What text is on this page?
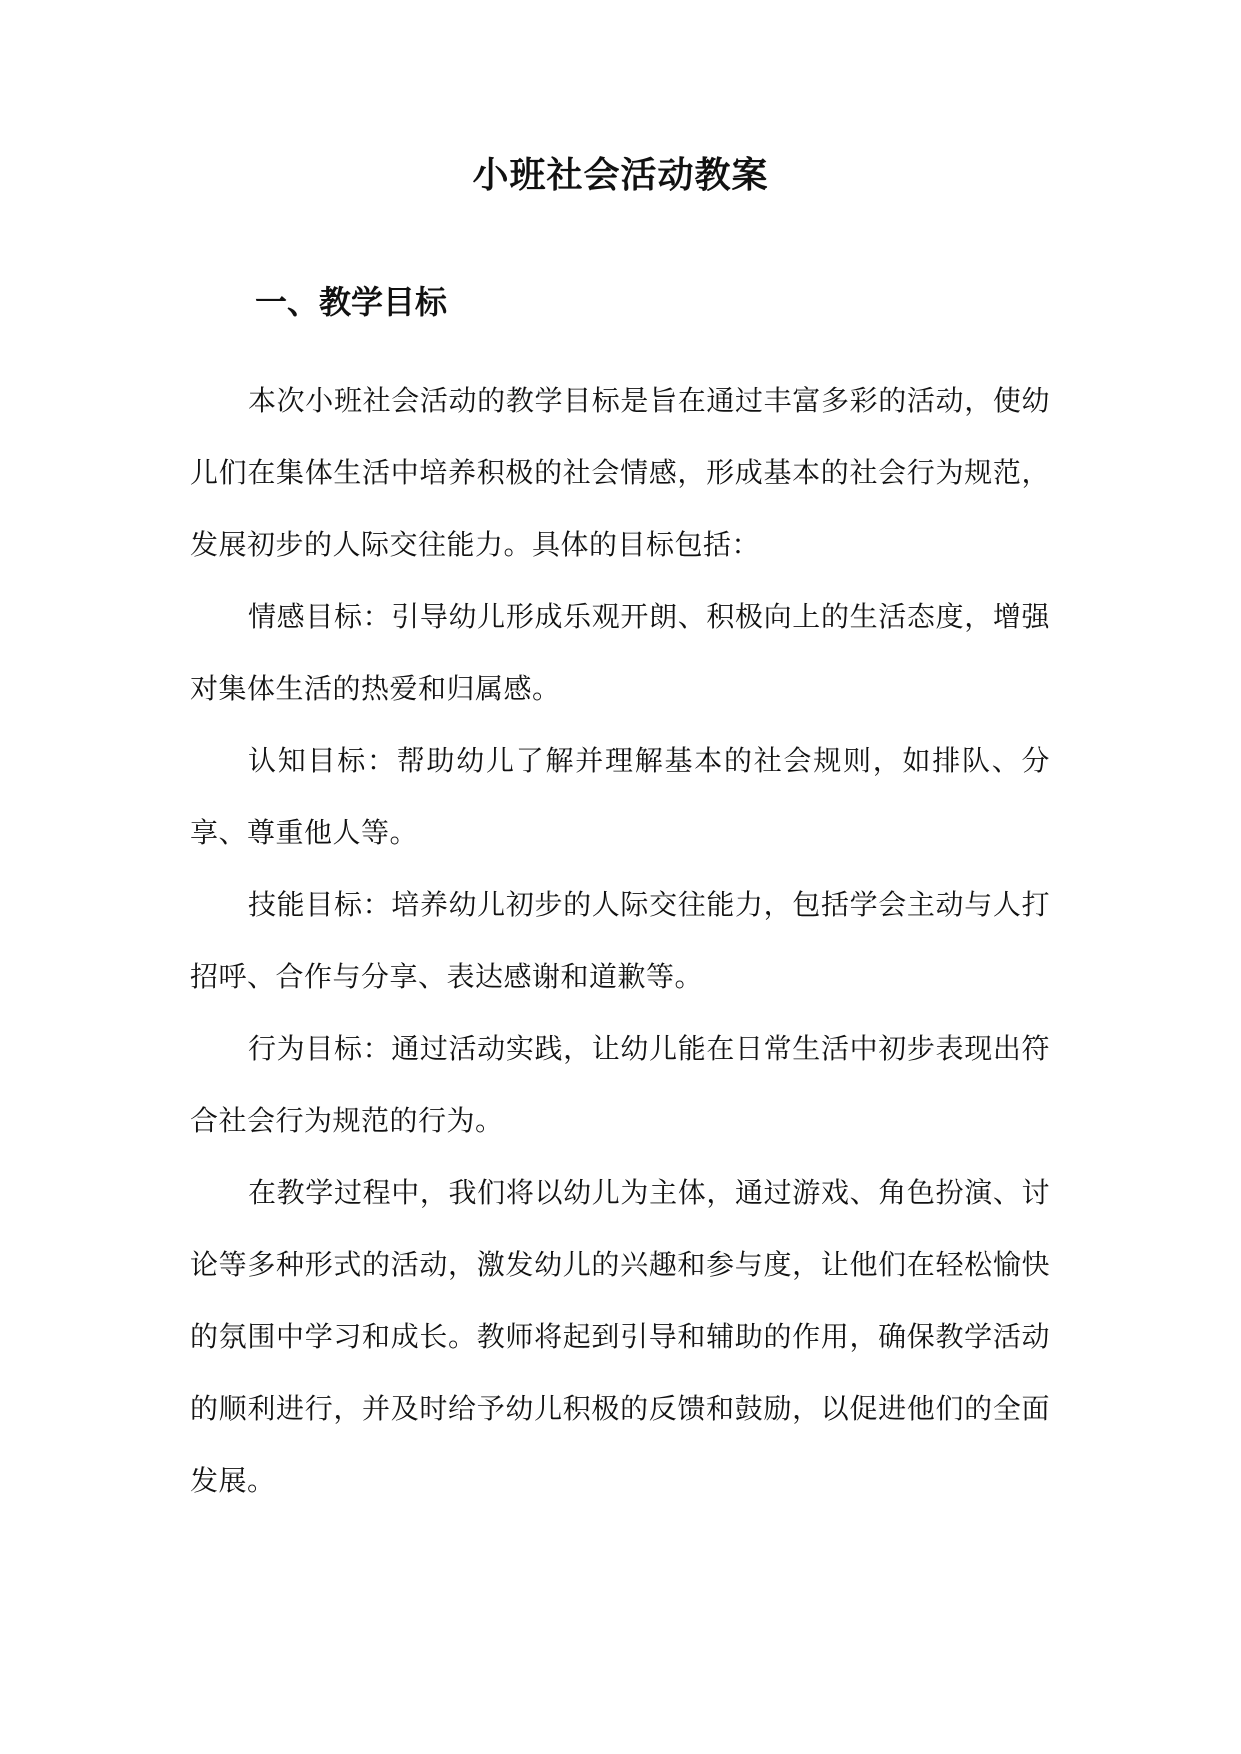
小班社会活动教案
一、教学目标

本次小班社会活动的教学目标是旨在通过丰富多彩的活动，使幼儿们在集体生活中培养积极的社会情感，形成基本的社会行为规范，发展初步的人际交往能力。具体的目标包括：

情感目标：引导幼儿形成乐观开朗、积极向上的生活态度，增强对集体生活的热爱和归属感。

认知目标：帮助幼儿了解并理解基本的社会规则，如排队、分享、尊重他人等。

技能目标：培养幼儿初步的人际交往能力，包括学会主动与人打招呼、合作与分享、表达感谢和道歉等。

行为目标：通过活动实践，让幼儿能在日常生活中初步表现出符合社会行为规范的行为。

在教学过程中，我们将以幼儿为主体，通过游戏、角色扮演、讨论等多种形式的活动，激发幼儿的兴趣和参与度，让他们在轻松愉快的氛围中学习和成长。教师将起到引导和辅助的作用，确保教学活动的顺利进行，并及时给予幼儿积极的反馈和鼓励，以促进他们的全面发展。
